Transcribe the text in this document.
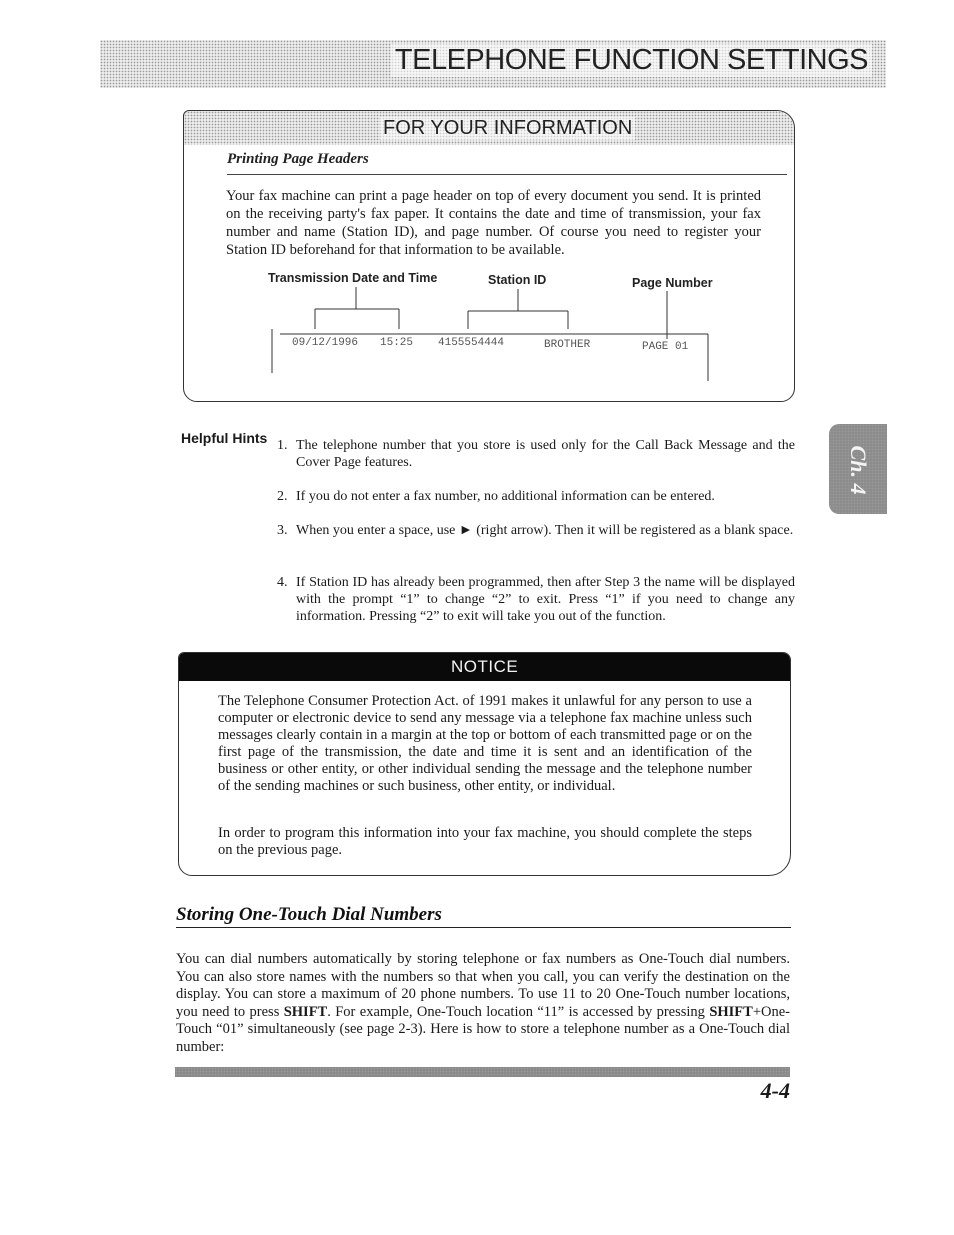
TELEPHONE FUNCTION SETTINGS
FOR YOUR INFORMATION
Printing Page Headers
Your fax machine can print a page header on top of every document you send. It is printed on the receiving party's fax paper. It contains the date and time of transmission, your fax number and name (Station ID), and page number. Of course you need to register your Station ID beforehand for that information to be available.
Transmission Date and Time	Station ID	Page Number
09/12/1996 15:25 4155554444	BROTHER	PAGE 01
Helpful Hints 1. The telephone number that you store is used only for the Call Back Message and the Cover Page features.
2. If you do not enter a fax number, no additional information can be entered.
3. When you enter a space, use ► (right arrow). Then it will be registered as a blank space.
4. If Station ID has already been programmed, then after Step 3 the name will be displayed with the prompt “1” to change “2” to exit. Press “1” if you need to change any information. Pressing “2” to exit will take you out of the function.
Ch. 4
NOTICE
The Telephone Consumer Protection Act. of 1991 makes it unlawful for any person to use a computer or electronic device to send any message via a telephone fax machine unless such messages clearly contain in a margin at the top or bottom of each transmitted page or on the first page of the transmission, the date and time it is sent and an identification of the business or other entity, or other individual sending the message and the telephone number of the sending machines or such business, other entity, or individual.
In order to program this information into your fax machine, you should complete the steps on the previous page.
Storing One-Touch Dial Numbers
You can dial numbers automatically by storing telephone or fax numbers as One-Touch dial numbers. You can also store names with the numbers so that when you call, you can verify the destination on the display. You can store a maximum of 20 phone numbers. To use 11 to 20 One-Touch number locations, you need to press SHIFT. For example, One-Touch location “11” is accessed by pressing SHIFT+One-Touch “01” simultaneously (see page 2-3). Here is how to store a telephone number as a One-Touch dial number:
4-4
